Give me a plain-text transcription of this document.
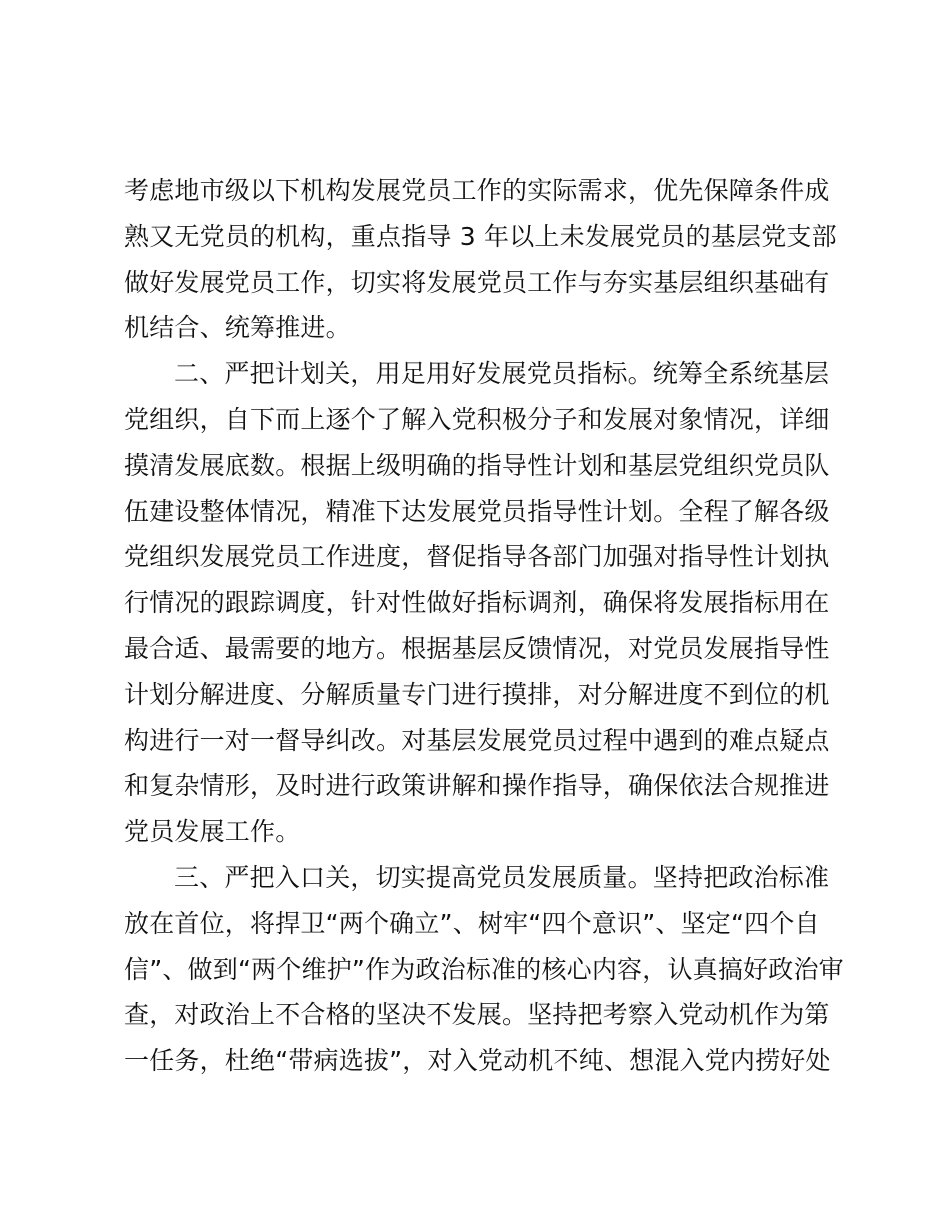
考虑地市级以下机构发展党员工作的实际需求，优先保障条件成
熟又无党员的机构，重点指导 3 年以上未发展党员的基层党支部
做好发展党员工作，切实将发展党员工作与夯实基层组织基础有
机结合、统筹推进。
二、严把计划关，用足用好发展党员指标。统筹全系统基层
党组织，自下而上逐个了解入党积极分子和发展对象情况，详细
摸清发展底数。根据上级明确的指导性计划和基层党组织党员队
伍建设整体情况，精准下达发展党员指导性计划。全程了解各级
党组织发展党员工作进度，督促指导各部门加强对指导性计划执
行情况的跟踪调度，针对性做好指标调剂，确保将发展指标用在
最合适、最需要的地方。根据基层反馈情况，对党员发展指导性
计划分解进度、分解质量专门进行摸排，对分解进度不到位的机
构进行一对一督导纠改。对基层发展党员过程中遇到的难点疑点
和复杂情形，及时进行政策讲解和操作指导，确保依法合规推进
党员发展工作。
三、严把入口关，切实提高党员发展质量。坚持把政治标准
放在首位，将捍卫“两个确立”、树牢“四个意识”、坚定“四个自
信”、做到“两个维护”作为政治标准的核心内容，认真搞好政治审
查，对政治上不合格的坚决不发展。坚持把考察入党动机作为第
一任务，杜绝“带病选拔”，对入党动机不纯、想混入党内捞好处
